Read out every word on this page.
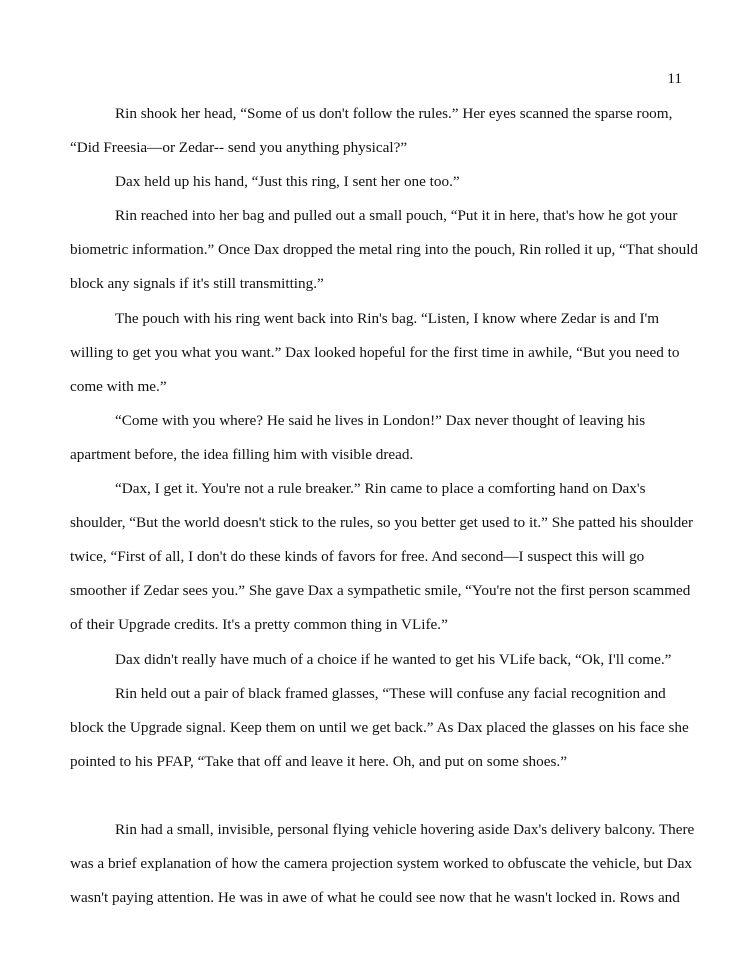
11
Rin shook her head, “Some of us don't follow the rules.” Her eyes scanned the sparse room,
“Did Freesia—or Zedar-- send you anything physical?”
Dax held up his hand, “Just this ring, I sent her one too.”
Rin reached into her bag and pulled out a small pouch, “Put it in here, that's how he got your
biometric information.” Once Dax dropped the metal ring into the pouch, Rin rolled it up, “That should
block any signals if it's still transmitting.”
The pouch with his ring went back into Rin's bag. “Listen, I know where Zedar is and I'm
willing to get you what you want.” Dax looked hopeful for the first time in awhile, “But you need to
come with me.”
“Come with you where? He said he lives in London!” Dax never thought of leaving his
apartment before, the idea filling him with visible dread.
“Dax, I get it. You're not a rule breaker.” Rin came to place a comforting hand on Dax's
shoulder, “But the world doesn't stick to the rules, so you better get used to it.” She patted his shoulder
twice, “First of all, I don't do these kinds of favors for free. And second—I suspect this will go
smoother if Zedar sees you.” She gave Dax a sympathetic smile, “You're not the first person scammed
of their Upgrade credits. It's a pretty common thing in VLife.”
Dax didn't really have much of a choice if he wanted to get his VLife back, “Ok, I'll come.”
Rin held out a pair of black framed glasses, “These will confuse any facial recognition and
block the Upgrade signal. Keep them on until we get back.” As Dax placed the glasses on his face she
pointed to his PFAP, “Take that off and leave it here. Oh, and put on some shoes.”
Rin had a small, invisible, personal flying vehicle hovering aside Dax's delivery balcony. There
was a brief explanation of how the camera projection system worked to obfuscate the vehicle, but Dax
wasn't paying attention. He was in awe of what he could see now that he wasn't locked in. Rows and
